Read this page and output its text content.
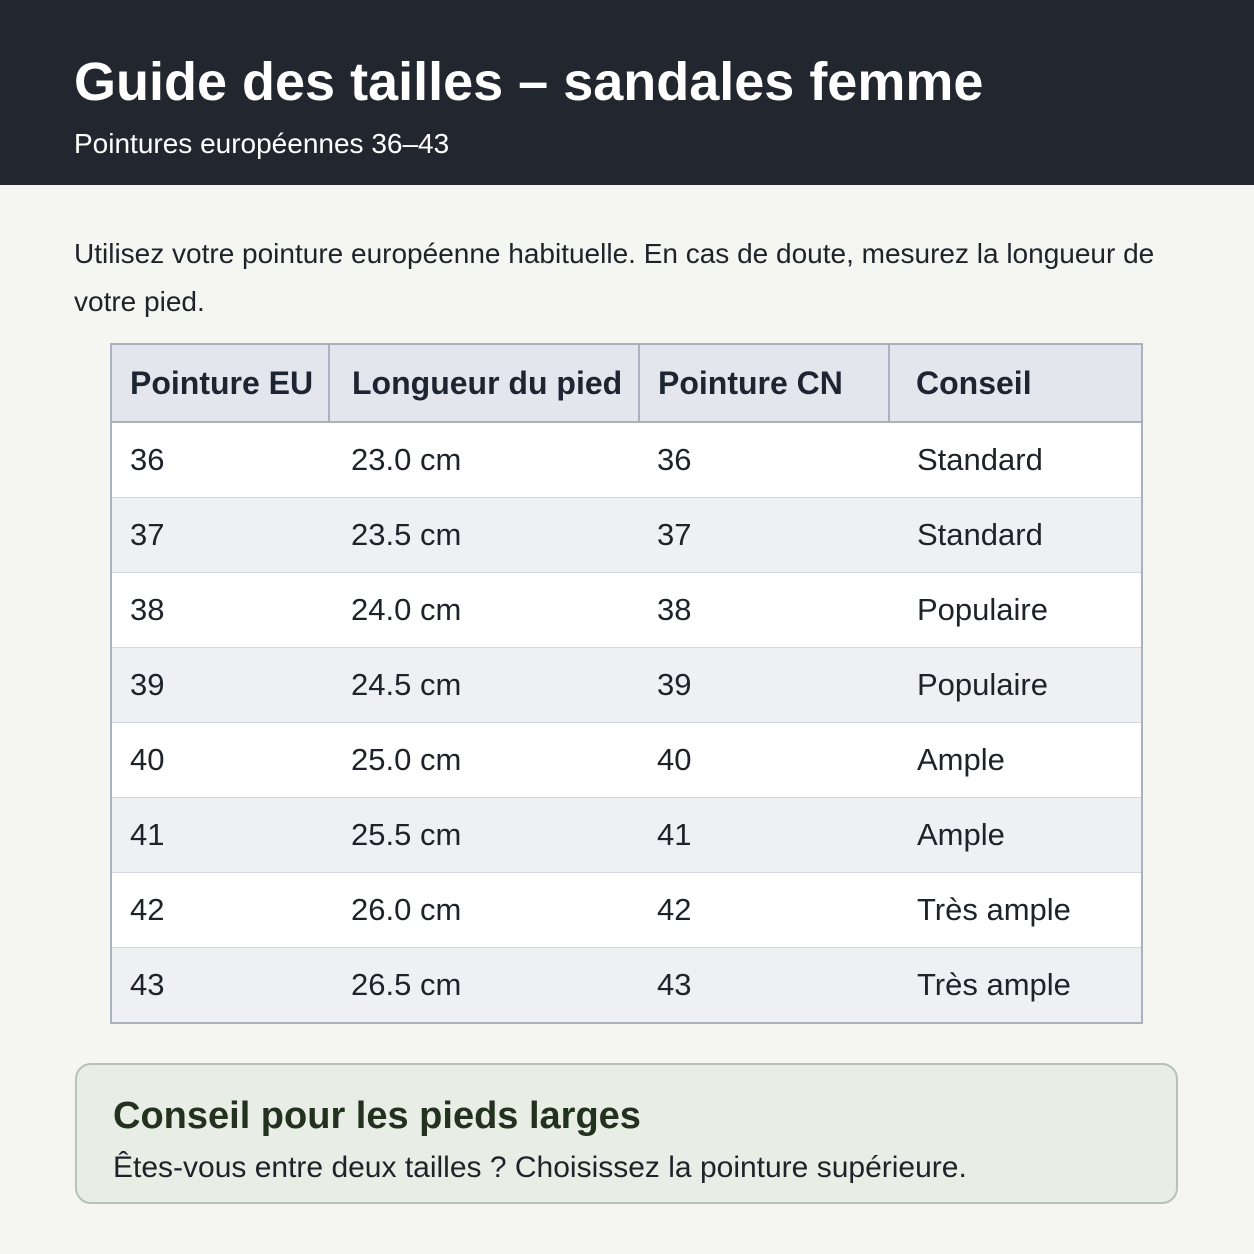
Guide des tailles – sandales femme
Pointures européennes 36–43

Utilisez votre pointure européenne habituelle. En cas de doute, mesurez la longueur de votre pied.

Pointure EU	Longueur du pied	Pointure CN	Conseil
36	23.0 cm	36	Standard
37	23.5 cm	37	Standard
38	24.0 cm	38	Populaire
39	24.5 cm	39	Populaire
40	25.0 cm	40	Ample
41	25.5 cm	41	Ample
42	26.0 cm	42	Très ample
43	26.5 cm	43	Très ample
Conseil pour les pieds larges
Êtes-vous entre deux tailles ? Choisissez la pointure supérieure.
